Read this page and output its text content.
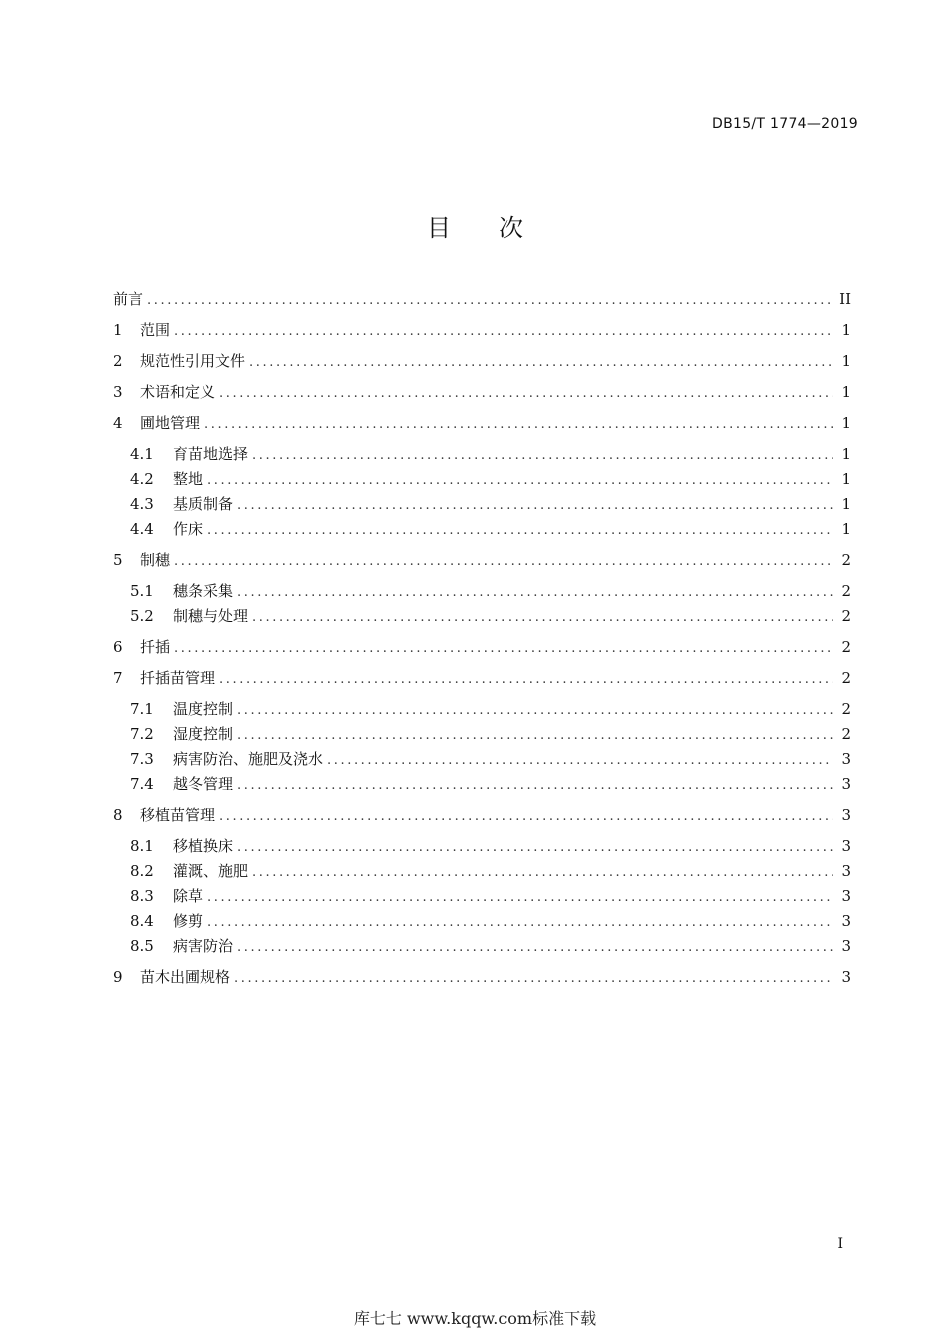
DB15/T 1774—2019
目次
前言 .....	II
1	范围 .....	1
2	规范性引用文件 .....	1
3	术语和定义 .....	1
4	圃地管理 .....	1
4.1	育苗地选择 .....	1
4.2	整地 .....	1
4.3	基质制备 .....	1
4.4	作床 .....	1
5	制穗 .....	2
5.1	穗条采集 .....	2
5.2	制穗与处理 .....	2
6	扦插 .....	2
7	扦插苗管理 .....	2
7.1	温度控制 .....	2
7.2	湿度控制 .....	2
7.3	病害防治、施肥及浇水 .....	3
7.4	越冬管理 .....	3
8	移植苗管理 .....	3
8.1	移植换床 .....	3
8.2	灌溉、施肥 .....	3
8.3	除草 .....	3
8.4	修剪 .....	3
8.5	病害防治 .....	3
9	苗木出圃规格 .....	3
I
库七七 www.kqqw.com标准下载
